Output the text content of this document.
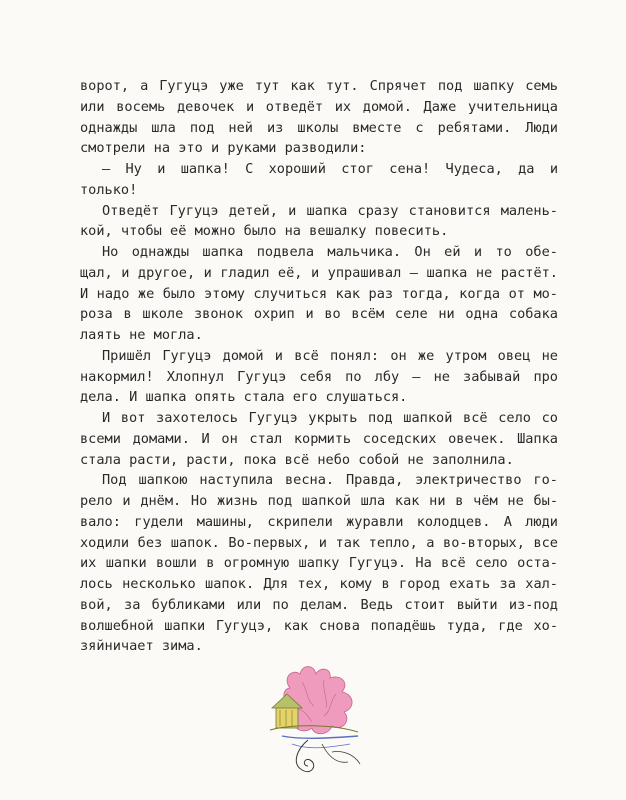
ворот, а Гугуцэ уже тут как тут. Спрячет под шапку семь
или восемь девочек и отведёт их домой. Даже учительница
однажды шла под ней из школы вместе с ребятами. Люди
смотрели на это и руками разводили:
— Ну и шапка! С хороший стог сена! Чудеса, да и
только!
Отведёт Гугуцэ детей, и шапка сразу становится малень-
кой, чтобы её можно было на вешалку повесить.
Но однажды шапка подвела мальчика. Он ей и то обе-
щал, и другое, и гладил её, и упрашивал — шапка не растёт.
И надо же было этому случиться как раз тогда, когда от мо-
роза в школе звонок охрип и во всём селе ни одна собака
лаять не могла.
Пришёл Гугуцэ домой и всё понял: он же утром овец не
накормил! Хлопнул Гугуцэ себя по лбу — не забывай про
дела. И шапка опять стала его слушаться.
И вот захотелось Гугуцэ укрыть под шапкой всё село со
всеми домами. И он стал кормить соседских овечек. Шапка
стала расти, расти, пока всё небо собой не заполнила.
Под шапкою наступила весна. Правда, электричество го-
рело и днём. Но жизнь под шапкой шла как ни в чём не бы-
вало: гудели машины, скрипели журавли колодцев. А люди
ходили без шапок. Во-первых, и так тепло, а во-вторых, все
их шапки вошли в огромную шапку Гугуцэ. На всё село оста-
лось несколько шапок. Для тех, кому в город ехать за хал-
вой, за бубликами или по делам. Ведь стоит выйти из-под
волшебной шапки Гугуцэ, как снова попадёшь туда, где хо-
зяйничает зима.
